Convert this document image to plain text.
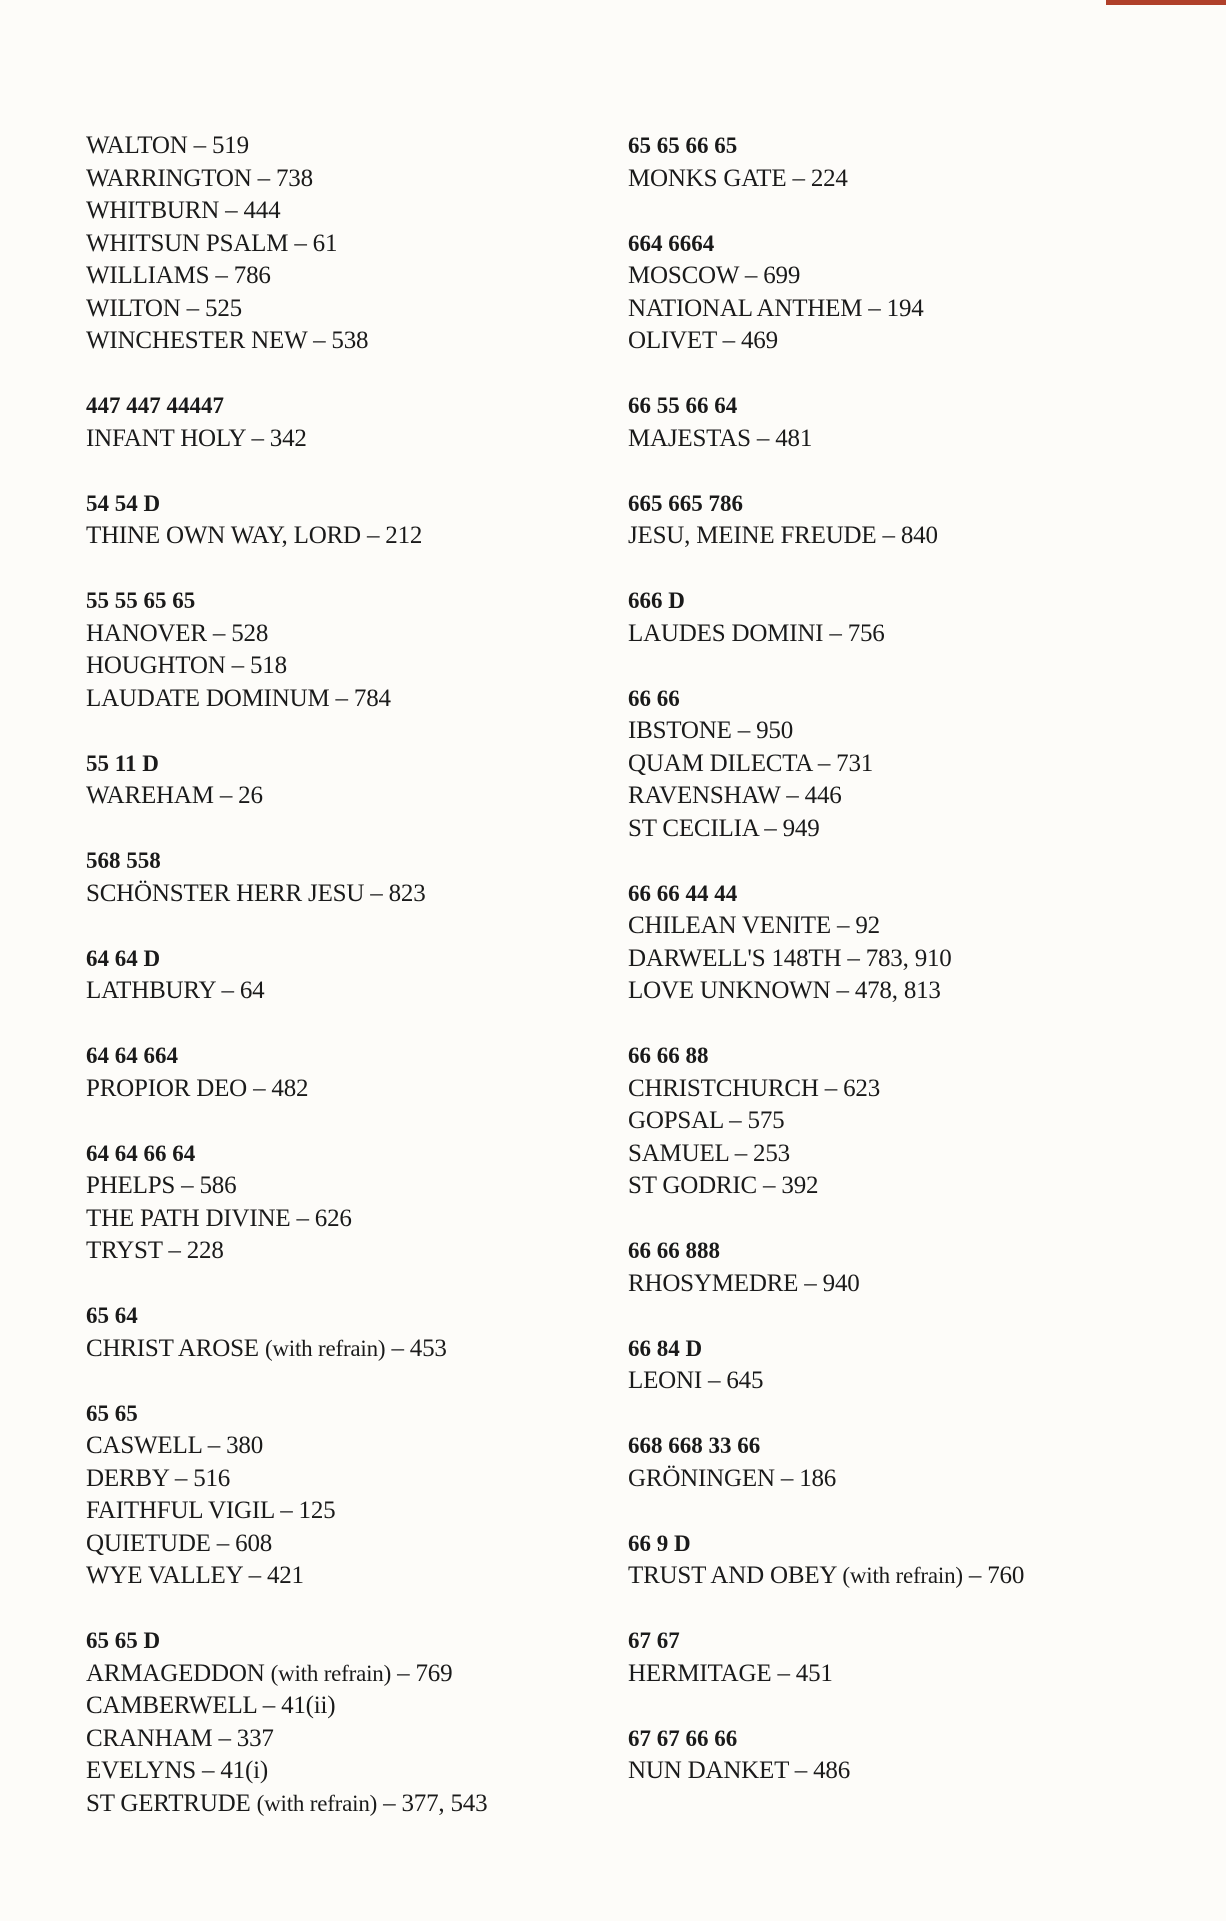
WALTON – 519
WARRINGTON – 738
WHITBURN – 444
WHITSUN PSALM – 61
WILLIAMS – 786
WILTON – 525
WINCHESTER NEW – 538
447 447 44447
INFANT HOLY – 342
54 54 D
THINE OWN WAY, LORD – 212
55 55 65 65
HANOVER – 528
HOUGHTON – 518
LAUDATE DOMINUM – 784
55 11 D
WAREHAM – 26
568 558
SCHÖNSTER HERR JESU – 823
64 64 D
LATHBURY – 64
64 64 664
PROPIOR DEO – 482
64 64 66 64
PHELPS – 586
THE PATH DIVINE – 626
TRYST – 228
65 64
CHRIST AROSE (with refrain) – 453
65 65
CASWELL – 380
DERBY – 516
FAITHFUL VIGIL – 125
QUIETUDE – 608
WYE VALLEY – 421
65 65 D
ARMAGEDDON (with refrain) – 769
CAMBERWELL – 41(ii)
CRANHAM – 337
EVELYNS – 41(i)
ST GERTRUDE (with refrain) – 377, 543
65 65 66 65
MONKS GATE – 224
664 6664
MOSCOW – 699
NATIONAL ANTHEM – 194
OLIVET – 469
66 55 66 64
MAJESTAS – 481
665 665 786
JESU, MEINE FREUDE – 840
666 D
LAUDES DOMINI – 756
66 66
IBSTONE – 950
QUAM DILECTA – 731
RAVENSHAW – 446
ST CECILIA – 949
66 66 44 44
CHILEAN VENITE – 92
DARWELL'S 148TH – 783, 910
LOVE UNKNOWN – 478, 813
66 66 88
CHRISTCHURCH – 623
GOPSAL – 575
SAMUEL – 253
ST GODRIC – 392
66 66 888
RHOSYMEDRE – 940
66 84 D
LEONI – 645
668 668 33 66
GRÖNINGEN – 186
66 9 D
TRUST AND OBEY (with refrain) – 760
67 67
HERMITAGE – 451
67 67 66 66
NUN DANKET – 486
